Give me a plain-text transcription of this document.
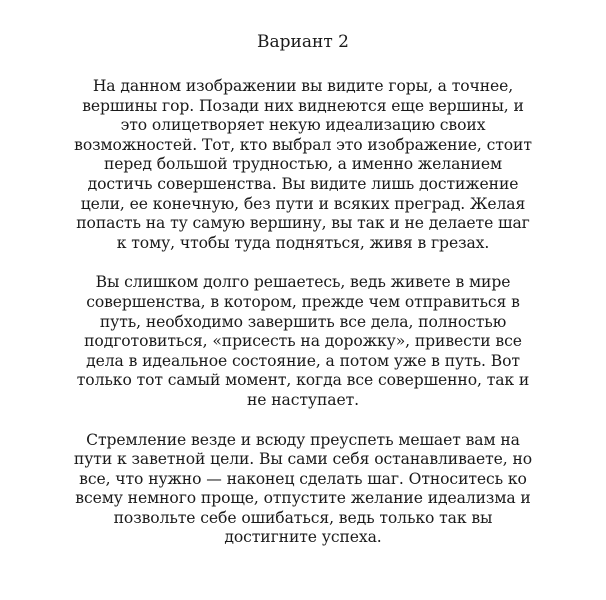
Вариант 2

На данном изображении вы видите горы, а точнее,
вершины гор. Позади них виднеются еще вершины, и
это олицетворяет некую идеализацию своих
возможностей. Тот, кто выбрал это изображение, стоит
перед большой трудностью, а именно желанием
достичь совершенства. Вы видите лишь достижение
цели, ее конечную, без пути и всяких преград. Желая
попасть на ту самую вершину, вы так и не делаете шаг
к тому, чтобы туда подняться, живя в грезах.

Вы слишком долго решаетесь, ведь живете в мире
совершенства, в котором, прежде чем отправиться в
путь, необходимо завершить все дела, полностью
подготовиться, «присесть на дорожку», привести все
дела в идеальное состояние, а потом уже в путь. Вот
только тот самый момент, когда все совершенно, так и
не наступает.

Стремление везде и всюду преуспеть мешает вам на
пути к заветной цели. Вы сами себя останавливаете, но
все, что нужно — наконец сделать шаг. Относитесь ко
всему немного проще, отпустите желание идеализма и
позвольте себе ошибаться, ведь только так вы
достигните успеха.
